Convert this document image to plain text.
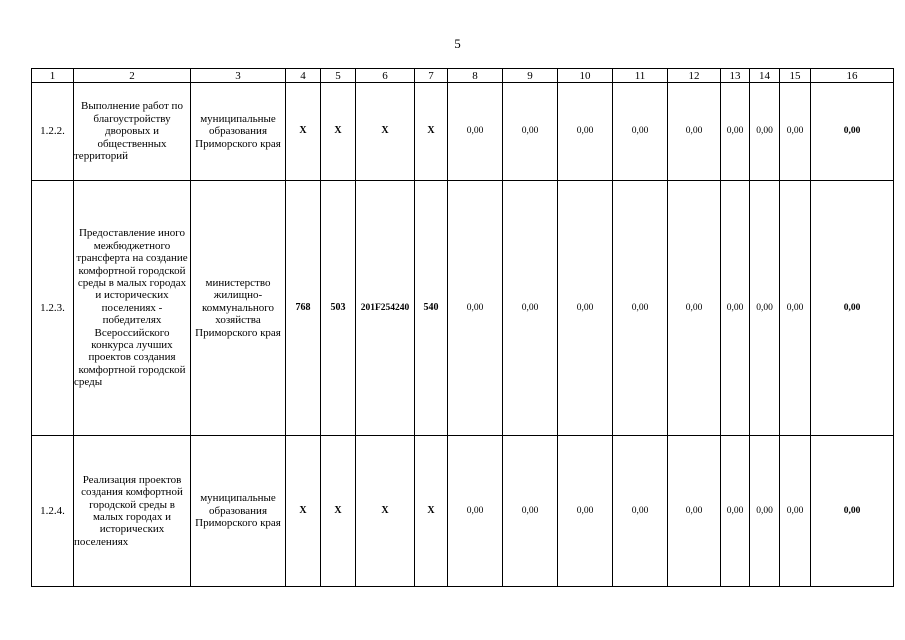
5
1	2	3	4	5	6	7	8	9	10	11	12	13	14	15	16
1.2.2.	Выполнение работ по благоустройству дворовых и общественных территорий	муниципальные образования Приморского края	Х	Х	Х	Х	0,00	0,00	0,00	0,00	0,00	0,00	0,00	0,00	0,00
1.2.3.	Предоставление иного межбюджетного трансферта на создание комфортной городской среды в малых городах и исторических поселениях - победителях Всероссийского конкурса лучших проектов создания комфортной городской среды	министерство жилищно-коммунального хозяйства Приморского края	768	503	201F254240	540	0,00	0,00	0,00	0,00	0,00	0,00	0,00	0,00	0,00
1.2.4.	Реализация проектов создания комфортной городской среды в малых городах и исторических поселениях	муниципальные образования Приморского края	Х	Х	Х	Х	0,00	0,00	0,00	0,00	0,00	0,00	0,00	0,00	0,00
